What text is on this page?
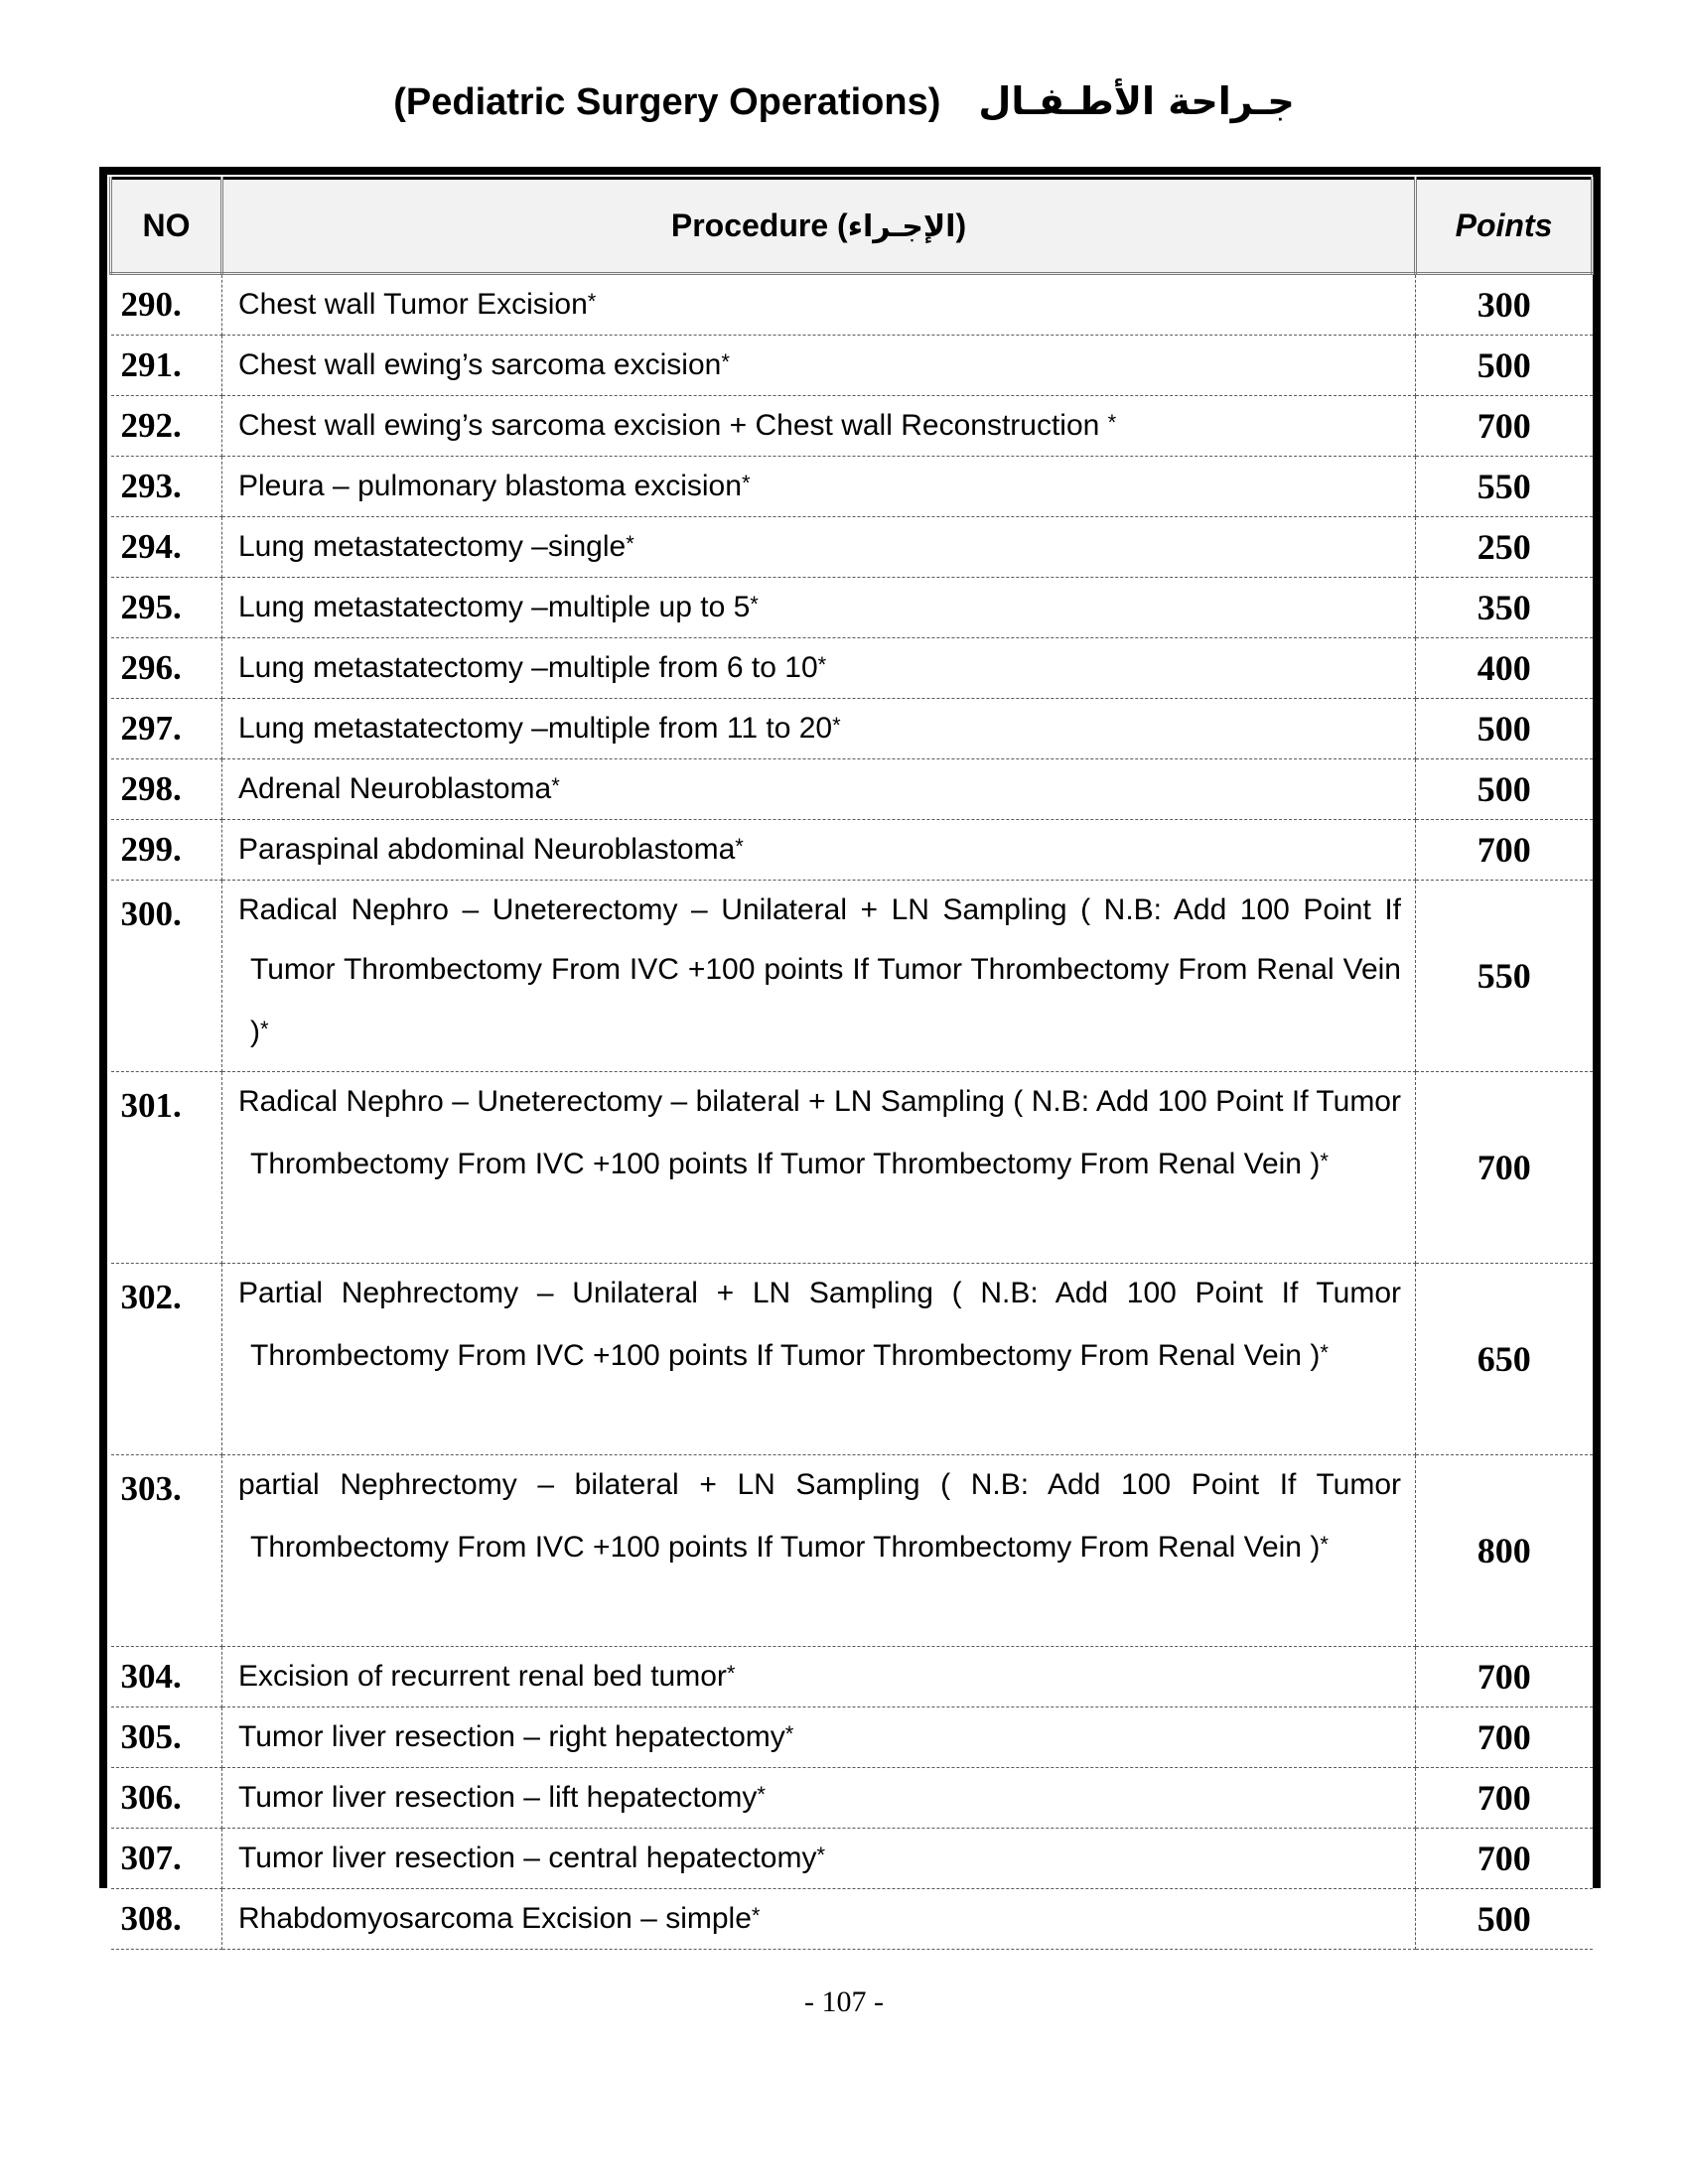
(Pediatric Surgery Operations) جـراحة الأطـفـال
NO	Procedure (الإجـراء)	Points
290.	Chest wall Tumor Excision*	300
291.	Chest wall ewing’s sarcoma excision*	500
292.	Chest wall ewing’s sarcoma excision + Chest wall Reconstruction *	700
293.	Pleura – pulmonary blastoma excision*	550
294.	Lung metastatectomy –single*	250
295.	Lung metastatectomy –multiple up to 5*	350
296.	Lung metastatectomy –multiple from 6 to 10*	400
297.	Lung metastatectomy –multiple from 11 to 20*	500
298.	Adrenal Neuroblastoma*	500
299.	Paraspinal abdominal Neuroblastoma*	700
300.	Radical Nephro – Uneterectomy – Unilateral + LN Sampling ( N.B: Add 100 Point If Tumor Thrombectomy From IVC +100 points If Tumor Thrombectomy From Renal Vein )*	550
301.	Radical Nephro – Uneterectomy – bilateral + LN Sampling ( N.B: Add 100 Point If Tumor Thrombectomy From IVC +100 points If Tumor Thrombectomy From Renal Vein )*	700
302.	Partial Nephrectomy – Unilateral + LN Sampling ( N.B: Add 100 Point If Tumor Thrombectomy From IVC +100 points If Tumor Thrombectomy From Renal Vein )*	650
303.	partial Nephrectomy – bilateral + LN Sampling ( N.B: Add 100 Point If Tumor Thrombectomy From IVC +100 points If Tumor Thrombectomy From Renal Vein )*	800
304.	Excision of recurrent renal bed tumor*	700
305.	Tumor liver resection – right hepatectomy*	700
306.	Tumor liver resection – lift hepatectomy*	700
307.	Tumor liver resection – central hepatectomy*	700
308.	Rhabdomyosarcoma Excision – simple*	500
- 107 -
